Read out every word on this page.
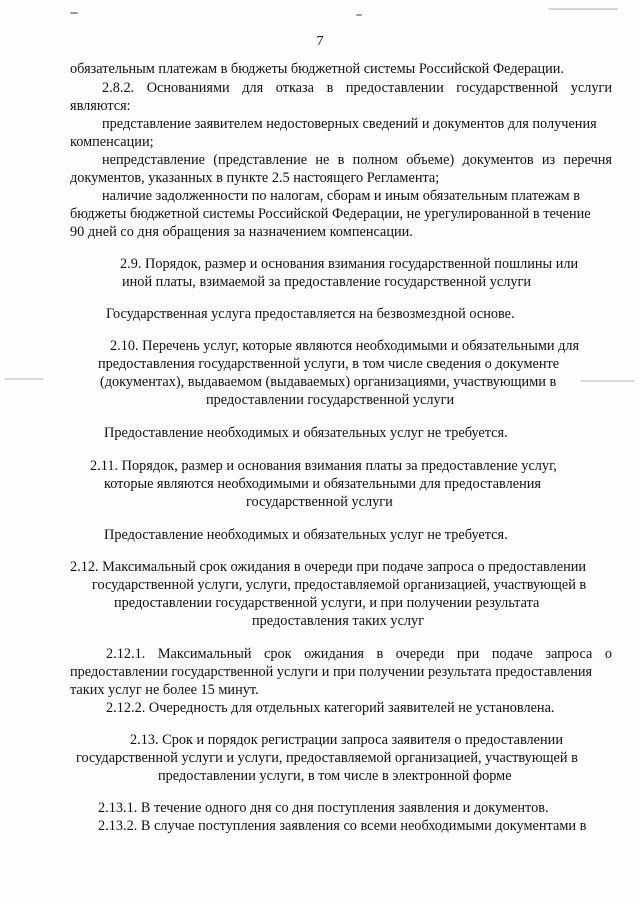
7
обязательным платежам в бюджеты бюджетной системы Российской Федерации.
2.8.2. Основаниями для отказа в предоставлении государственной услуги
являются:
представление заявителем недостоверных сведений и документов для получения
компенсации;
непредставление (представление не в полном объеме) документов из перечня
документов, указанных в пункте 2.5 настоящего Регламента;
наличие задолженности по налогам, сборам и иным обязательным платежам в
бюджеты бюджетной системы Российской Федерации, не урегулированной в течение
90 дней со дня обращения за назначением компенсации.
2.9. Порядок, размер и основания взимания государственной пошлины или
иной платы, взимаемой за предоставление государственной услуги
Государственная услуга предоставляется на безвозмездной основе.
2.10. Перечень услуг, которые являются необходимыми и обязательными для
предоставления государственной услуги, в том числе сведения о документе
(документах), выдаваемом (выдаваемых) организациями, участвующими в
предоставлении государственной услуги
Предоставление необходимых и обязательных услуг не требуется.
2.11. Порядок, размер и основания взимания платы за предоставление услуг,
которые являются необходимыми и обязательными для предоставления
государственной услуги
Предоставление необходимых и обязательных услуг не требуется.
2.12. Максимальный срок ожидания в очереди при подаче запроса о предоставлении
государственной услуги, услуги, предоставляемой организацией, участвующей в
предоставлении государственной услуги, и при получении результата
предоставления таких услуг
2.12.1. Максимальный срок ожидания в очереди при подаче запроса о
предоставлении государственной услуги и при получении результата предоставления
таких услуг не более 15 минут.
2.12.2. Очередность для отдельных категорий заявителей не установлена.
2.13. Срок и порядок регистрации запроса заявителя о предоставлении
государственной услуги и услуги, предоставляемой организацией, участвующей в
предоставлении услуги, в том числе в электронной форме
2.13.1. В течение одного дня со дня поступления заявления и документов.
2.13.2. В случае поступления заявления со всеми необходимыми документами в
